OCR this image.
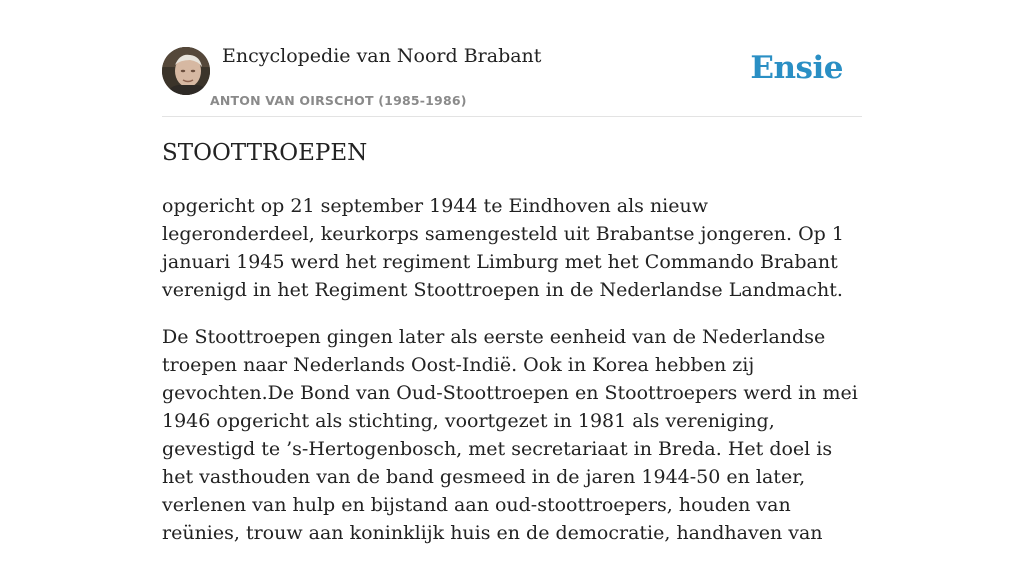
Encyclopedie van Noord Brabant
ANTON VAN OIRSCHOT (1985-1986)
Ensie
STOOTTROEPEN

opgericht op 21 september 1944 te Eindhoven als nieuw legeronderdeel, keurkorps samengesteld uit Brabantse jongeren. Op 1 januari 1945 werd het regiment Limburg met het Commando Brabant verenigd in het Regiment Stoottroepen in de Nederlandse Landmacht.

De Stoottroepen gingen later als eerste eenheid van de Nederlandse troepen naar Nederlands Oost-Indië. Ook in Korea hebben zij gevochten.De Bond van Oud-Stoottroepen en Stoottroepers werd in mei 1946 opgericht als stichting, voortgezet in 1981 als vereniging, gevestigd te ’s-Hertogenbosch, met secretariaat in Breda. Het doel is het vasthouden van de band gesmeed in de jaren 1944-50 en later, verlenen van hulp en bijstand aan oud-stoottroepers, houden van reünies, trouw aan koninklijk huis en de democratie, handhaven van
